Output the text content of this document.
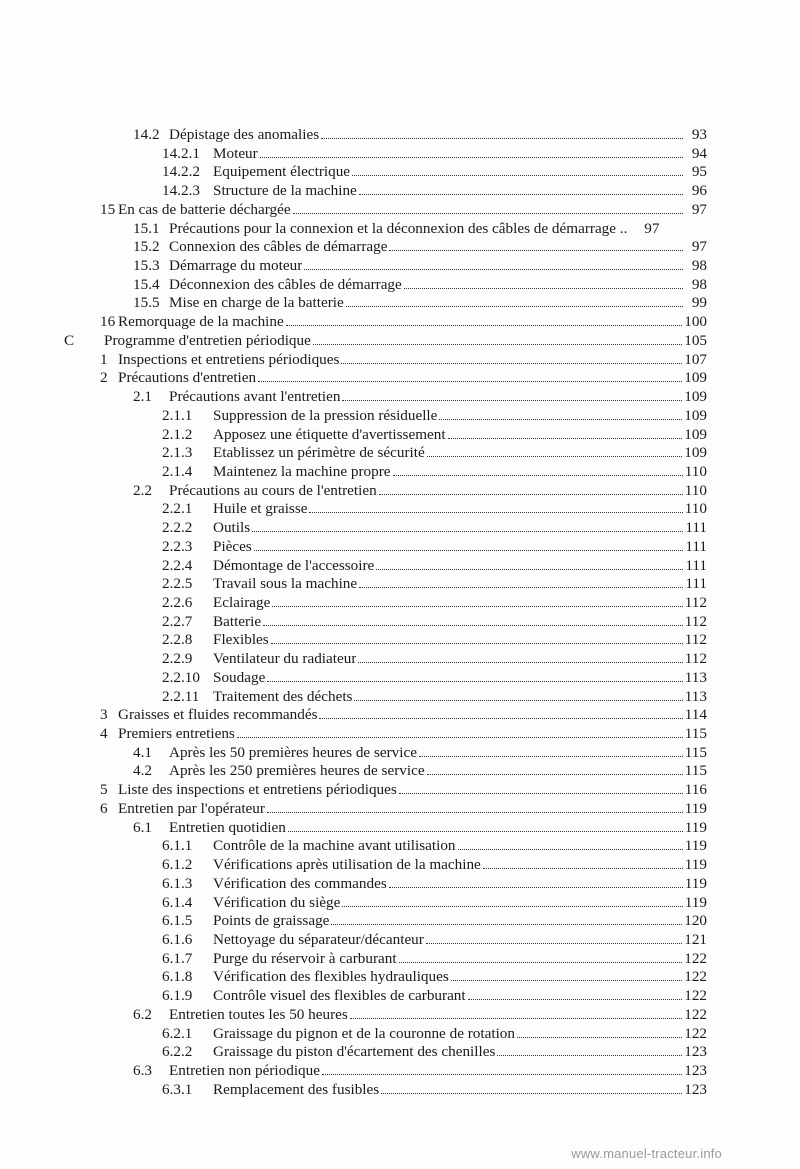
14.2 Dépistage des anomalies	93
14.2.1 Moteur	94
14.2.2 Equipement électrique	95
14.2.3 Structure de la machine	96
15 En cas de batterie déchargée	97
15.1 Précautions pour la connexion et la déconnexion des câbles de démarrage ..	97
15.2 Connexion des câbles de démarrage	97
15.3 Démarrage du moteur	98
15.4 Déconnexion des câbles de démarrage	98
15.5 Mise en charge de la batterie	99
16 Remorquage de la machine	100
C	Programme d'entretien périodique	105
1 Inspections et entretiens périodiques	107
2 Précautions d'entretien	109
2.1	Précautions avant l'entretien	109
2.1.1	Suppression de la pression résiduelle	109
2.1.2	Apposez une étiquette d'avertissement	109
2.1.3	Etablissez un périmètre de sécurité	109
2.1.4	Maintenez la machine propre	110
2.2	Précautions au cours de l'entretien	110
2.2.1	Huile et graisse	110
2.2.2	Outils	111
2.2.3	Pièces	111
2.2.4	Démontage de l'accessoire	111
2.2.5	Travail sous la machine	111
2.2.6	Eclairage	112
2.2.7	Batterie	112
2.2.8	Flexibles	112
2.2.9	Ventilateur du radiateur	112
2.2.10 Soudage	113
2.2.11 Traitement des déchets	113
3 Graisses et fluides recommandés	114
4 Premiers entretiens	115
4.1	Après les 50 premières heures de service	115
4.2	Après les 250 premières heures de service	115
5 Liste des inspections et entretiens périodiques	116
6 Entretien par l'opérateur	119
6.1	Entretien quotidien	119
6.1.1	Contrôle de la machine avant utilisation	119
6.1.2	Vérifications après utilisation de la machine	119
6.1.3	Vérification des commandes	119
6.1.4	Vérification du siège	119
6.1.5	Points de graissage	120
6.1.6	Nettoyage du séparateur/décanteur	121
6.1.7	Purge du réservoir à carburant	122
6.1.8	Vérification des flexibles hydrauliques	122
6.1.9	Contrôle visuel des flexibles de carburant	122
6.2	Entretien toutes les 50 heures	122
6.2.1	Graissage du pignon et de la couronne de rotation	122
6.2.2	Graissage du piston d'écartement des chenilles	123
6.3	Entretien non périodique	123
6.3.1	Remplacement des fusibles	123
www.manuel-tracteur.info
